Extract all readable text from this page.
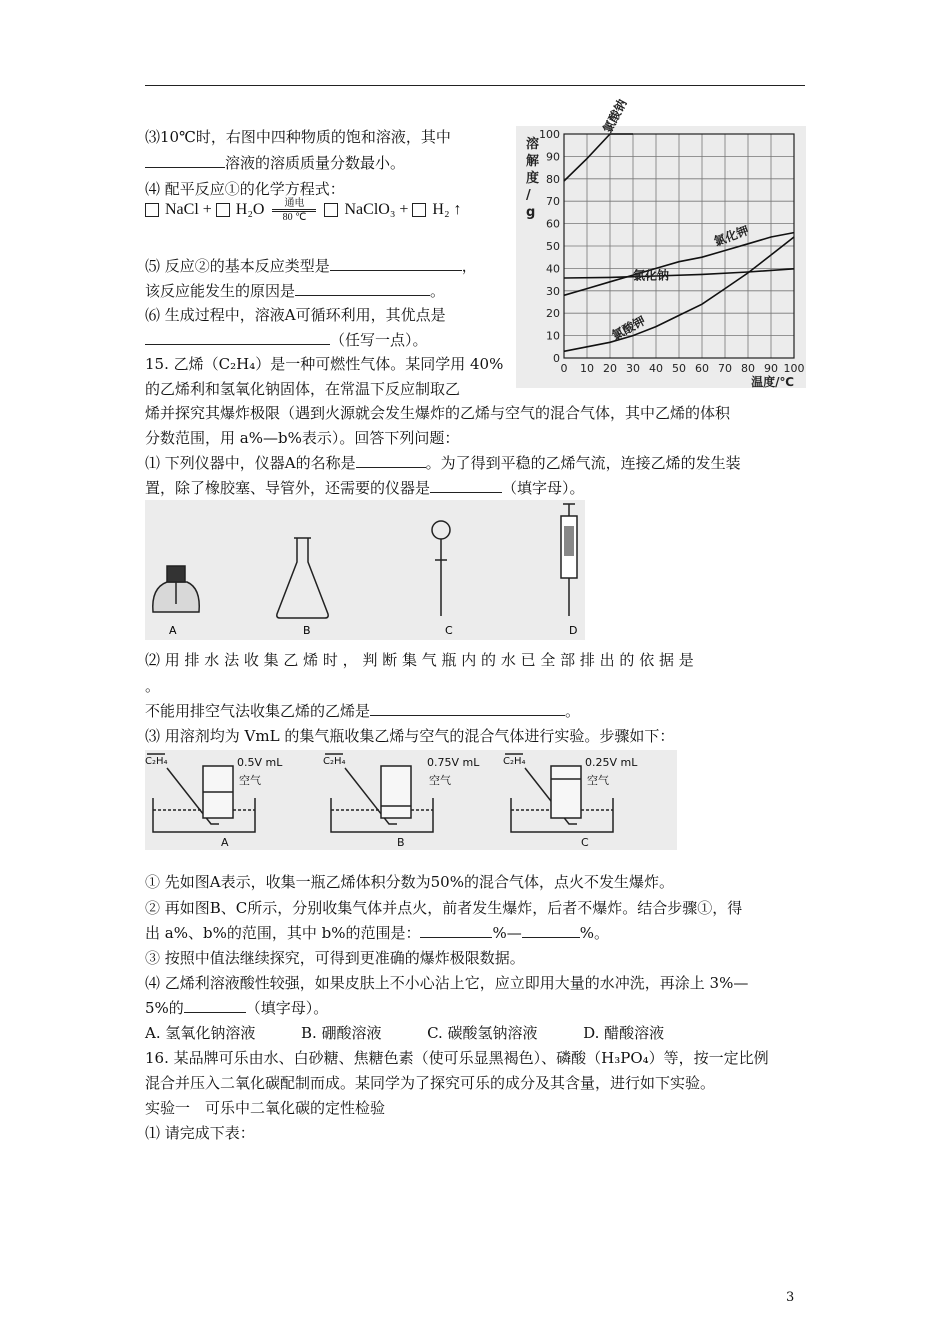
⑶10℃时，右图中四种物质的饱和溶液，其中
溶液的溶质质量分数最小。
⑷ 配平反应①的化学方程式：
NaCl + H₂O 通电
80 ℃ NaClO₃ + H₂ ↑
⑸ 反应②的基本反应类型是	，
该反应能发生的原因是	。
⑹ 生成过程中，溶液A可循环利用，其优点是
（任写一点）。
0 10 20 30 40 50 60 70 80 90 100
0
10
20
30
40
50
60
70
80
90
100
溶
解
度
/
g
温度/℃
氯酸钠
氯化钾
氯化钠
氯酸钾
15. 乙烯（C₂H₄）是一种可燃性气体。某同学用 40%
的乙烯利和氢氧化钠固体，在常温下反应制取乙
烯并探究其爆炸极限（遇到火源就会发生爆炸的乙烯与空气的混合气体，其中乙烯的体积
分数范围，用 a%—b%表示）。回答下列问题：
⑴ 下列仪器中，仪器A的名称是	。为了得到平稳的乙烯气流，连接乙烯的发生装
置，除了橡胶塞、导管外，还需要的仪器是	（填字母）。
A	B	C	D
⑵ 用 排 水 法 收 集 乙 烯 时 ， 判 断 集 气 瓶 内 的 水 已 全 部 排 出 的 依 据 是
。
不能用排空气法收集乙烯的乙烯是	。
⑶ 用溶剂均为 VmL 的集气瓶收集乙烯与空气的混合气体进行实验。步骤如下：
C₂H₄	0.5V mL
空气
A
C₂H₄	0.75V mL
空气
B
C₂H₄	0.25V mL
空气
C
① 先如图A表示，收集一瓶乙烯体积分数为50%的混合气体，点火不发生爆炸。
② 再如图B、C所示，分别收集气体并点火，前者发生爆炸，后者不爆炸。结合步骤①，得
出 a%、b%的范围，其中 b%的范围是：	%—	%。
③ 按照中值法继续探究，可得到更准确的爆炸极限数据。
⑷ 乙烯利溶液酸性较强，如果皮肤上不小心沾上它，应立即用大量的水冲洗，再涂上 3%—
5%的	（填字母）。
A. 氢氧化钠溶液	B. 硼酸溶液	C. 碳酸氢钠溶液	D. 醋酸溶液
16. 某品牌可乐由水、白砂糖、焦糖色素（使可乐显黑褐色）、磷酸（H₃PO₄）等，按一定比例
混合并压入二氧化碳配制而成。某同学为了探究可乐的成分及其含量，进行如下实验。
实验一　可乐中二氧化碳的定性检验
⑴ 请完成下表：
3
